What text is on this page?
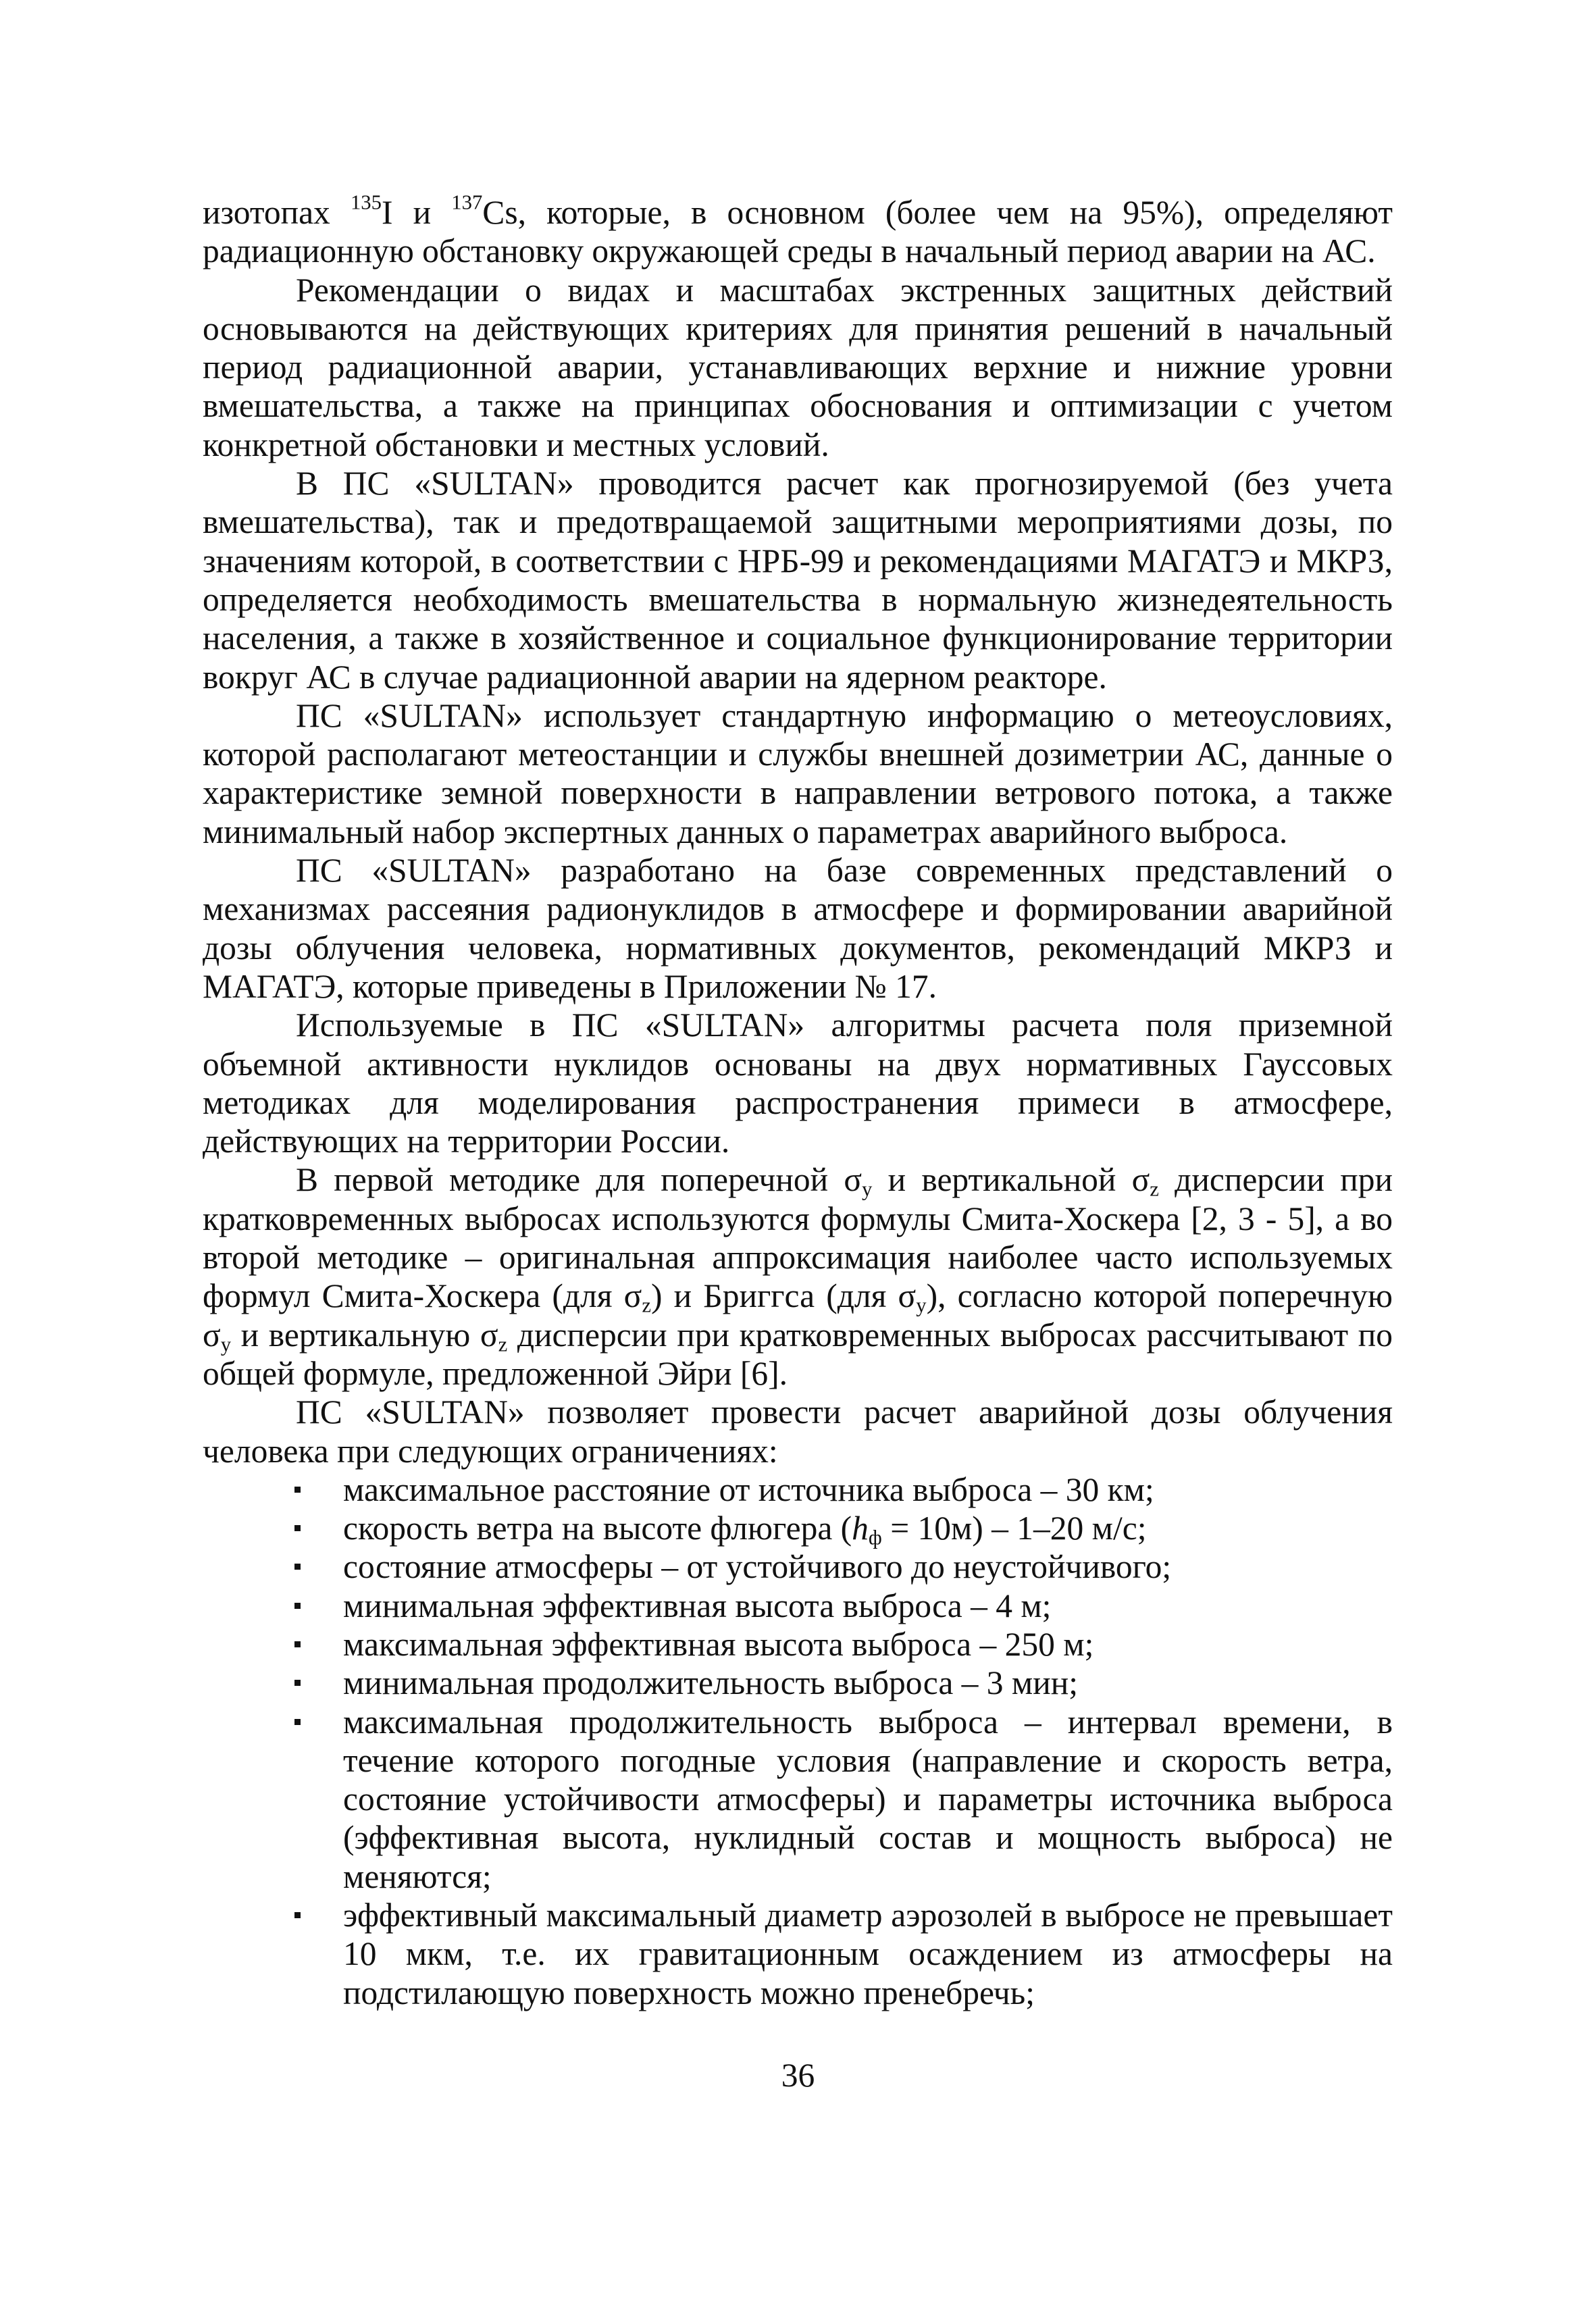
изотопах $^{135}$I и $^{137}$Cs, которые, в основном (более чем на 95%), определяют радиационную обстановку окружающей среды в начальный период аварии на АС.

Рекомендации о видах и масштабах экстренных защитных действий основываются на действующих критериях для принятия решений в начальный период радиационной аварии, устанавливающих верхние и нижние уровни вмешательства, а также на принципах обоснования и оптимизации с учетом конкретной обстановки и местных условий.

В ПС «SULTAN» проводится расчет как прогнозируемой (без учета вмешательства), так и предотвращаемой защитными мероприятиями дозы, по значениям которой, в соответствии с НРБ-99 и рекомендациями МАГАТЭ и МКРЗ, определяется необходимость вмешательства в нормальную жизнедеятельность населения, а также в хозяйственное и социальное функционирование территории вокруг АС в случае радиационной аварии на ядерном реакторе.

ПС «SULTAN» использует стандартную информацию о метеоусловиях, которой располагают метеостанции и службы внешней дозиметрии АС, данные о характеристике земной поверхности в направлении ветрового потока, а также минимальный набор экспертных данных о параметрах аварийного выброса.

ПС «SULTAN» разработано на базе современных представлений о механизмах рассеяния радионуклидов в атмосфере и формировании аварийной дозы облучения человека, нормативных документов, рекомендаций МКРЗ и МАГАТЭ, которые приведены в Приложении № 17.

Используемые в ПС «SULTAN» алгоритмы расчета поля приземной объемной активности нуклидов основаны на двух нормативных Гауссовых методиках для моделирования распространения примеси в атмосфере, действующих на территории России.

В первой методике для поперечной $\sigma_y$ и вертикальной $\sigma_z$ дисперсии при кратковременных выбросах используются формулы Смита-Хоскера [2, 3 - 5], а во второй методике – оригинальная аппроксимация наиболее часто используемых формул Смита-Хоскера (для $\sigma_z$) и Бриггса (для $\sigma_y$), согласно которой поперечную $\sigma_y$ и вертикальную $\sigma_z$ дисперсии при кратковременных выбросах рассчитывают по общей формуле, предложенной Эйри [6].

ПС «SULTAN» позволяет провести расчет аварийной дозы облучения человека при следующих ограничениях:

максимальное расстояние от источника выброса – 30 км;
скорость ветра на высоте флюгера $(h_ф = 10м) - 1-20$ м/с;
состояние атмосферы – от устойчивого до неустойчивого;
минимальная эффективная высота выброса – 4 м;
максимальная эффективная высота выброса – 250 м;
минимальная продолжительность выброса – 3 мин;
максимальная продолжительность выброса – интервал времени, в течение которого погодные условия (направление и скорость ветра, состояние устойчивости атмосферы) и параметры источника выброса (эффективная высота, нуклидный состав и мощность выброса) не меняются;
эффективный максимальный диаметр аэрозолей в выбросе не превышает 10 мкм, т.е. их гравитационным осаждением из атмосферы на подстилающую поверхность можно пренебречь;
36
